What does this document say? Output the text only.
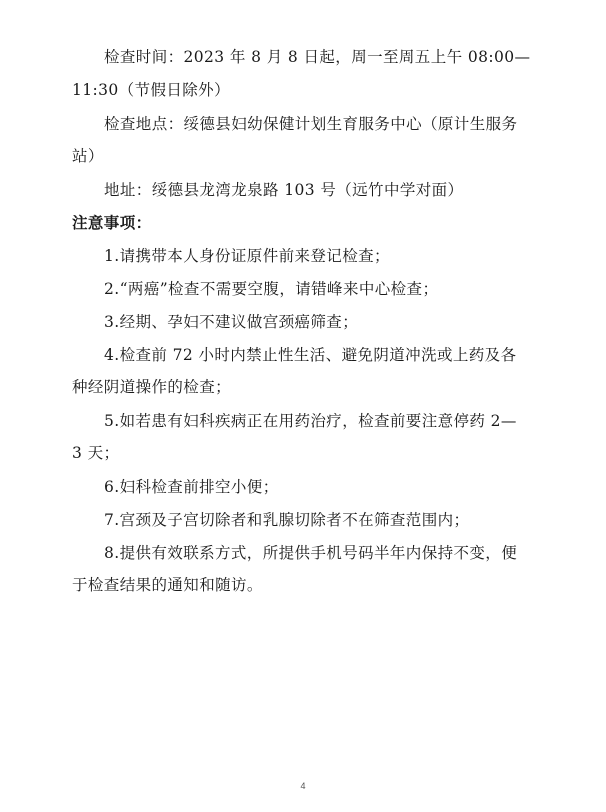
检查时间：2023 年 8 月 8 日起，周一至周五上午 08:00—
11:30（节假日除外）
检查地点：绥德县妇幼保健计划生育服务中心（原计生服务
站）
地址：绥德县龙湾龙泉路 103 号（远竹中学对面）
注意事项：
1.请携带本人身份证原件前来登记检查；
2.“两癌”检查不需要空腹，请错峰来中心检查；
3.经期、孕妇不建议做宫颈癌筛查；
4.检查前 72 小时内禁止性生活、避免阴道冲洗或上药及各
种经阴道操作的检查；
5.如若患有妇科疾病正在用药治疗，检查前要注意停药 2—
3 天；
6.妇科检查前排空小便；
7.宫颈及子宫切除者和乳腺切除者不在筛查范围内；
8.提供有效联系方式，所提供手机号码半年内保持不变，便
于检查结果的通知和随访。
4
